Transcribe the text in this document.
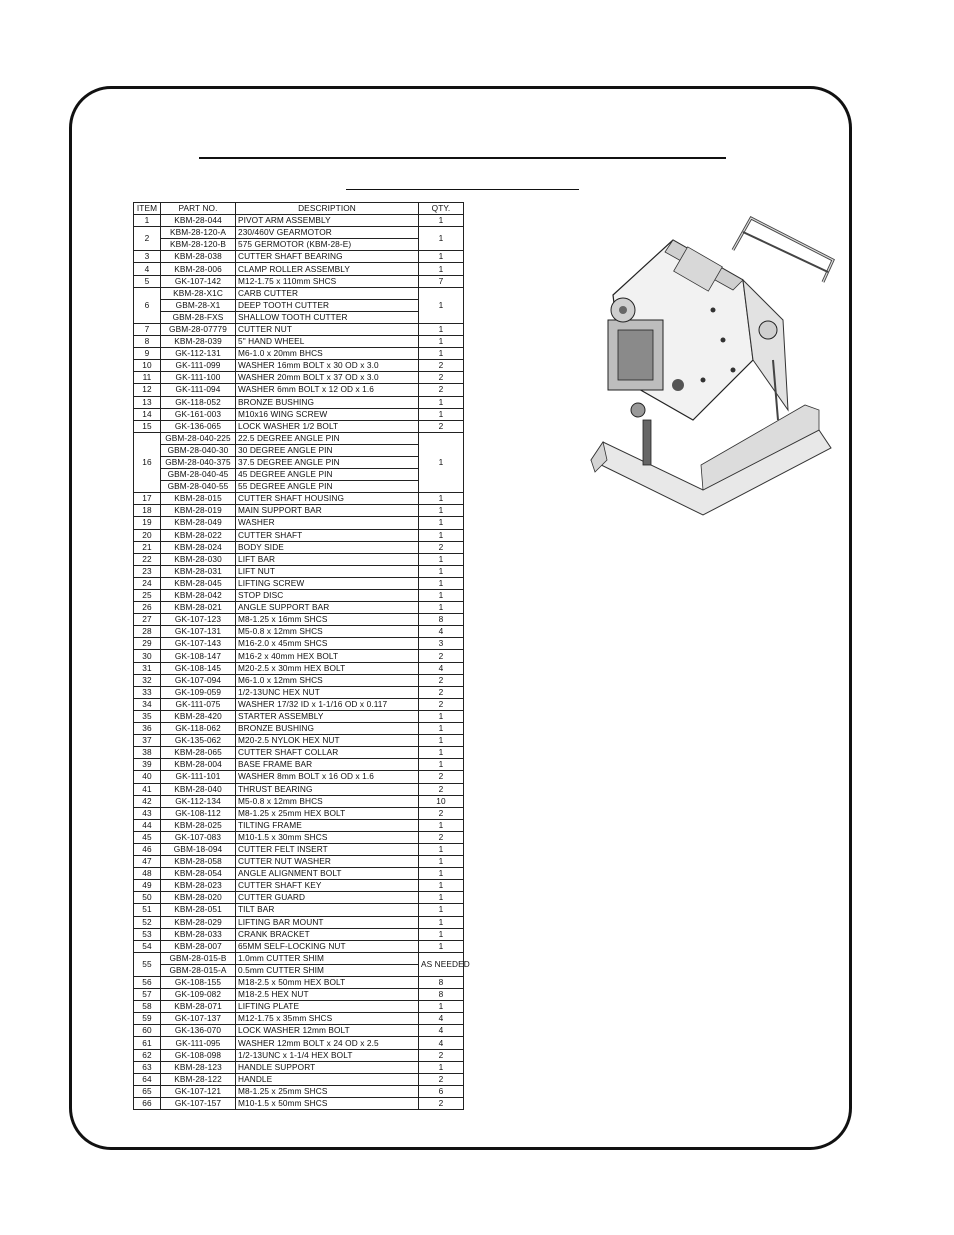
ITEM	PART NO.	DESCRIPTION	QTY.
1	KBM-28-044	PIVOT ARM ASSEMBLY	1
2	KBM-28-120-A	230/460V GEARMOTOR	1
	KBM-28-120-B	575 GERMOTOR (KBM-28-E)	
3	KBM-28-038	CUTTER SHAFT BEARING	1
4	KBM-28-006	CLAMP ROLLER ASSEMBLY	1
5	GK-107-142	M12-1.75 x 110mm SHCS	7
6	KBM-28-X1C	CARB CUTTER	1
	GBM-28-X1	DEEP TOOTH CUTTER	
	GBM-28-FXS	SHALLOW TOOTH CUTTER	
7	GBM-28-07779	CUTTER NUT	1
8	KBM-28-039	5" HAND WHEEL	1
9	GK-112-131	M6-1.0 x 20mm BHCS	1
10	GK-111-099	WASHER 16mm BOLT x 30 OD x 3.0	2
11	GK-111-100	WASHER 20mm BOLT x 37 OD x 3.0	2
12	GK-111-094	WASHER 6mm BOLT x 12 OD x 1.6	2
13	GK-118-052	BRONZE BUSHING	1
14	GK-161-003	M10x16 WING SCREW	1
15	GK-136-065	LOCK WASHER 1/2 BOLT	2
16	GBM-28-040-225	22.5 DEGREE ANGLE PIN	1
	GBM-28-040-30	30 DEGREE ANGLE PIN	
	GBM-28-040-375	37.5 DEGREE ANGLE PIN	
	GBM-28-040-45	45 DEGREE ANGLE PIN	
	GBM-28-040-55	55 DEGREE ANGLE PIN	
17	KBM-28-015	CUTTER SHAFT HOUSING	1
18	KBM-28-019	MAIN SUPPORT BAR	1
19	KBM-28-049	WASHER	1
20	KBM-28-022	CUTTER SHAFT	1
21	KBM-28-024	BODY SIDE	2
22	KBM-28-030	LIFT BAR	1
23	KBM-28-031	LIFT NUT	1
24	KBM-28-045	LIFTING SCREW	1
25	KBM-28-042	STOP DISC	1
26	KBM-28-021	ANGLE SUPPORT BAR	1
27	GK-107-123	M8-1.25 x 16mm SHCS	8
28	GK-107-131	M5-0.8 x 12mm SHCS	4
29	GK-107-143	M16-2.0 x 45mm SHCS	3
30	GK-108-147	M16-2 x 40mm HEX BOLT	2
31	GK-108-145	M20-2.5 x 30mm HEX BOLT	4
32	GK-107-094	M6-1.0 x 12mm SHCS	2
33	GK-109-059	1/2-13UNC HEX NUT	2
34	GK-111-075	WASHER 17/32 ID x 1-1/16 OD x 0.117	2
35	KBM-28-420	STARTER ASSEMBLY	1
36	GK-118-062	BRONZE BUSHING	1
37	GK-135-062	M20-2.5 NYLOK HEX NUT	1
38	KBM-28-065	CUTTER SHAFT COLLAR	1
39	KBM-28-004	BASE FRAME BAR	1
40	GK-111-101	WASHER 8mm BOLT x 16 OD x 1.6	2
41	KBM-28-040	THRUST BEARING	2
42	GK-112-134	M5-0.8 x 12mm BHCS	10
43	GK-108-112	M8-1.25 x 25mm HEX BOLT	2
44	KBM-28-025	TILTING FRAME	1
45	GK-107-083	M10-1.5 x 30mm SHCS	2
46	GBM-18-094	CUTTER FELT INSERT	1
47	KBM-28-058	CUTTER NUT WASHER	1
48	KBM-28-054	ANGLE ALIGNMENT BOLT	1
49	KBM-28-023	CUTTER SHAFT KEY	1
50	KBM-28-020	CUTTER GUARD	1
51	KBM-28-051	TILT BAR	1
52	KBM-28-029	LIFTING BAR MOUNT	1
53	KBM-28-033	CRANK BRACKET	1
54	KBM-28-007	65MM SELF-LOCKING NUT	1
55	GBM-28-015-B	1.0mm CUTTER SHIM	AS NEEDED
	GBM-28-015-A	0.5mm CUTTER SHIM	
56	GK-108-155	M18-2.5 x 50mm HEX BOLT	8
57	GK-109-082	M18-2.5 HEX NUT	8
58	KBM-28-071	LIFTING PLATE	1
59	GK-107-137	M12-1.75 x 35mm SHCS	4
60	GK-136-070	LOCK WASHER 12mm BOLT	4
61	GK-111-095	WASHER 12mm BOLT x 24 OD x 2.5	4
62	GK-108-098	1/2-13UNC x 1-1/4 HEX BOLT	2
63	KBM-28-123	HANDLE SUPPORT	1
64	KBM-28-122	HANDLE	2
65	GK-107-121	M8-1.25 x 25mm SHCS	6
66	GK-107-157	M10-1.5 x 50mm SHCS	2
